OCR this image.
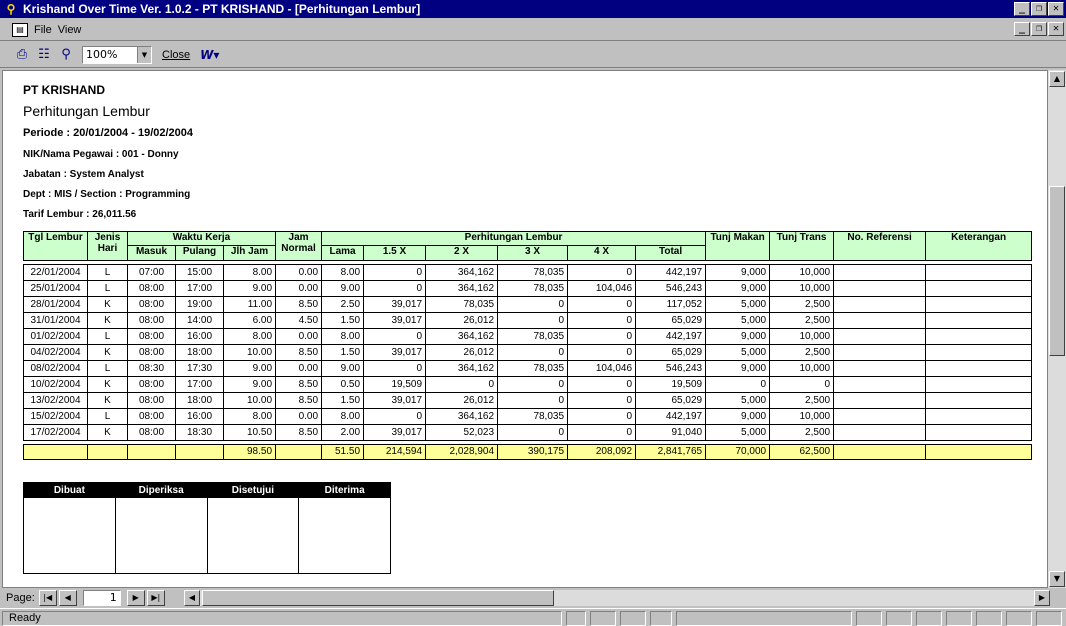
⚲ Krishand Over Time Ver. 1.0.2 - PT KRISHAND - [Perhitungan Lembur]	_	❐	✕
▤ File View	_	❐	✕
⎙ ☷ ⚲	100%	▼	Close W▾
PT KRISHAND
Perhitungan Lembur
Periode : 20/01/2004 - 19/02/2004
NIK/Nama Pegawai : 001 - Donny
Jabatan : System Analyst
Dept : MIS / Section : Programming
Tarif Lembur : 26,011.56
Tgl Lembur	Jenis Hari	Waktu Kerja			Jam Normal	Perhitungan Lembur						Tunj Makan	Tunj Trans	No. Referensi	Keterangan
		Masuk	Pulang	Jlh Jam		Lama	1.5 X	2 X	3 X	4 X	Total				

22/01/2004	L	07:00	15:00	8.00	0.00	8.00	0	364,162	78,035	0	442,197	9,000	10,000		
25/01/2004	L	08:00	17:00	9.00	0.00	9.00	0	364,162	78,035	104,046	546,243	9,000	10,000		
28/01/2004	K	08:00	19:00	11.00	8.50	2.50	39,017	78,035	0	0	117,052	5,000	2,500		
31/01/2004	K	08:00	14:00	6.00	4.50	1.50	39,017	26,012	0	0	65,029	5,000	2,500		
01/02/2004	L	08:00	16:00	8.00	0.00	8.00	0	364,162	78,035	0	442,197	9,000	10,000		
04/02/2004	K	08:00	18:00	10.00	8.50	1.50	39,017	26,012	0	0	65,029	5,000	2,500		
08/02/2004	L	08:30	17:30	9.00	0.00	9.00	0	364,162	78,035	104,046	546,243	9,000	10,000		
10/02/2004	K	08:00	17:00	9.00	8.50	0.50	19,509	0	0	0	19,509	0	0		
13/02/2004	K	08:00	18:00	10.00	8.50	1.50	39,017	26,012	0	0	65,029	5,000	2,500		
15/02/2004	L	08:00	16:00	8.00	0.00	8.00	0	364,162	78,035	0	442,197	9,000	10,000		
17/02/2004	K	08:00	18:30	10.50	8.50	2.00	39,017	52,023	0	0	91,040	5,000	2,500		

				98.50		51.50	214,594	2,028,904	390,175	208,092	2,841,765	70,000	62,500		
Dibuat	Diperiksa	Disetujui	Diterima

▲
▼
Page:	|◀	◀	1	▶	▶|	◀	▶
Ready
